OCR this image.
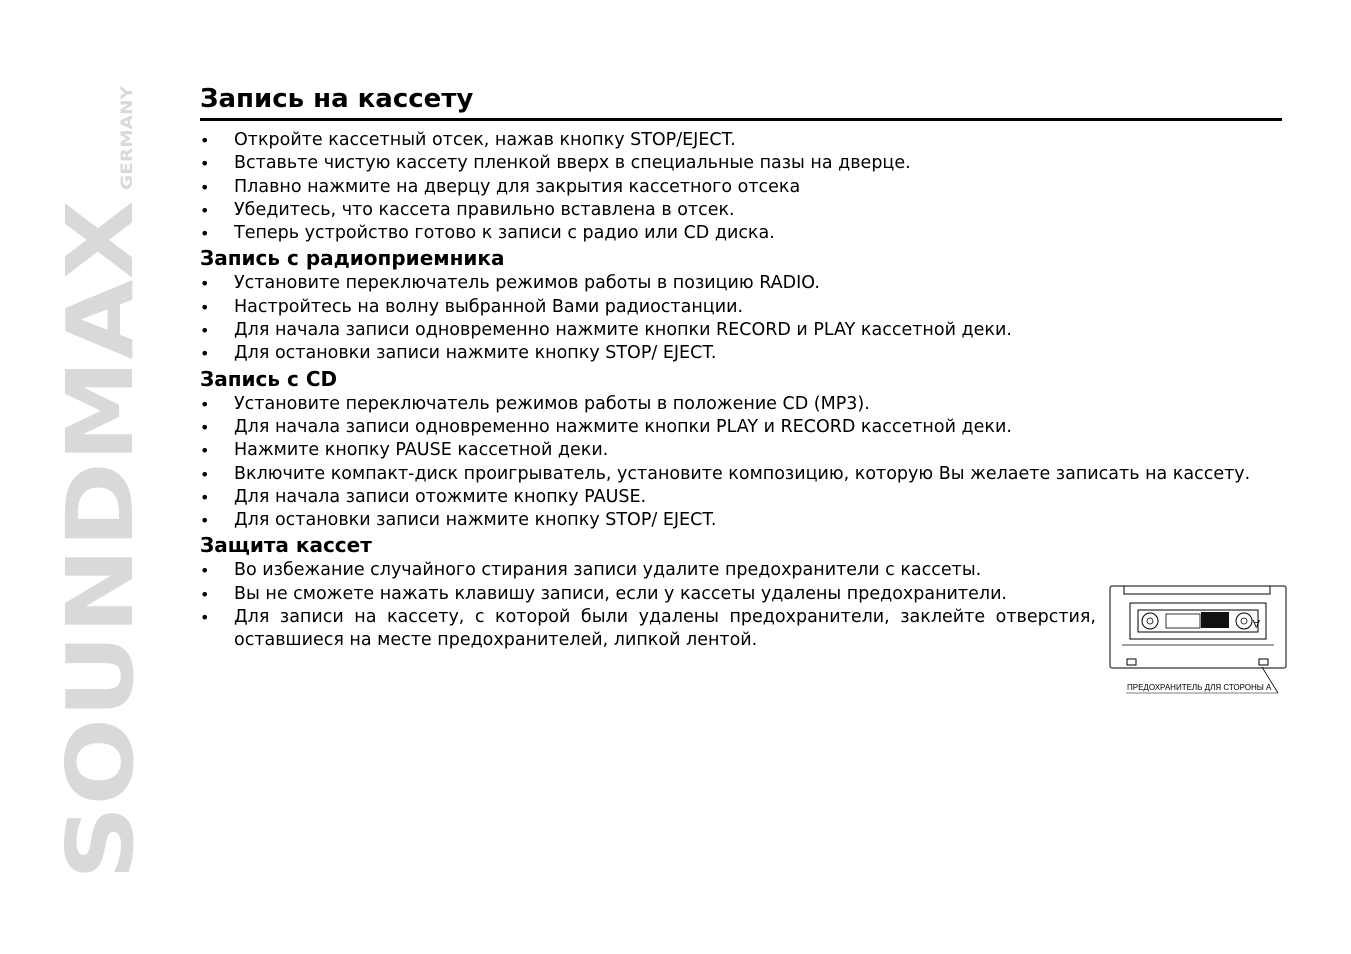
SOUNDMAX
GERMANY
Запись на кассету
• Откройте кассетный отсек, нажав кнопку STOP/EJECT.
• Вставьте чистую кассету пленкой вверх в специальные пазы на дверце.
• Плавно нажмите на дверцу для закрытия кассетного отсека
• Убедитесь, что кассета правильно вставлена в отсек.
• Теперь устройство готово к записи с радио или CD диска.
Запись с радиоприемника
• Установите переключатель режимов работы в позицию RADIO.
• Настройтесь на волну выбранной Вами радиостанции.
• Для начала записи одновременно нажмите кнопки RECORD и PLAY кассетной деки.
• Для остановки записи нажмите кнопку STOP/ EJECT.
Запись с CD
• Установите переключатель режимов работы в положение CD (MP3).
• Для начала записи одновременно нажмите кнопки PLAY и RECORD кассетной деки.
• Нажмите кнопку PAUSE кассетной деки.
• Включите компакт-диск проигрыватель, установите композицию, которую Вы желаете записать на кассету.
• Для начала записи отожмите кнопку PAUSE.
• Для остановки записи нажмите кнопку STOP/ EJECT.
Защита кассет
• Во избежание случайного стирания записи удалите предохранители с кассеты.
• Вы не сможете нажать клавишу записи, если у кассеты удалены предохранители.
• Для записи на кассету, с которой были удалены предохранители, заклейте отверстия, оставшиеся на месте предохранителей, липкой лентой.
A
ПРЕДОХРАНИТЕЛЬ ДЛЯ СТОРОНЫ А
